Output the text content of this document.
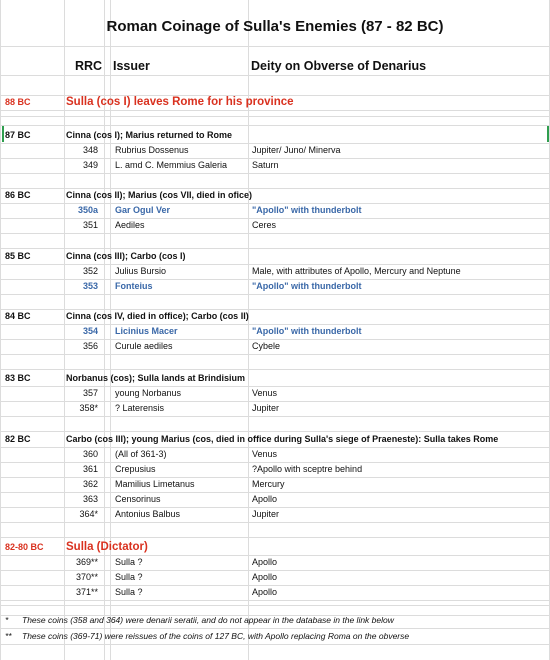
Roman Coinage of Sulla's Enemies (87 - 82 BC)
RRC Issuer	Deity on Obverse of Denarius
88 BC	Sulla (cos I) leaves Rome for his province
87 BC	Cinna (cos I); Marius returned to Rome
348 Rubrius Dossenus	Jupiter/ Juno/ Minerva
349 L. amd C. Memmius Galeria	Saturn
86 BC	Cinna (cos II); Marius (cos VII, died in ofice)
350a Gar Ogul Ver	"Apollo" with thunderbolt
351 Aediles	Ceres
85 BC	Cinna (cos III); Carbo (cos I)
352 Julius Bursio	Male, with attributes of Apollo, Mercury and Neptune
353 Fonteius	"Apollo" with thunderbolt
84 BC	Cinna (cos IV, died in office); Carbo (cos II)
354 Licinius Macer	"Apollo" with thunderbolt
356 Curule aediles	Cybele
83 BC	Norbanus (cos); Sulla lands at Brindisium
357 young Norbanus	Venus
358* ? Laterensis	Jupiter
82 BC	Carbo (cos III); young Marius (cos, died in office during Sulla's siege of Praeneste): Sulla takes Rome
360 (All of 361-3)	Venus
361 Crepusius	?Apollo with sceptre behind
362 Mamilius Limetanus	Mercury
363 Censorinus	Apollo
364* Antonius Balbus	Jupiter
82-80 BC Sulla (Dictator)
369** Sulla ?	Apollo
370** Sulla ?	Apollo
371** Sulla ?	Apollo
* These coins (358 and 364) were denarii seratii, and do not appear in the database in the link below
** These coins (369-71) were reissues of the coins of 127 BC, with Apollo replacing Roma on the obverse
